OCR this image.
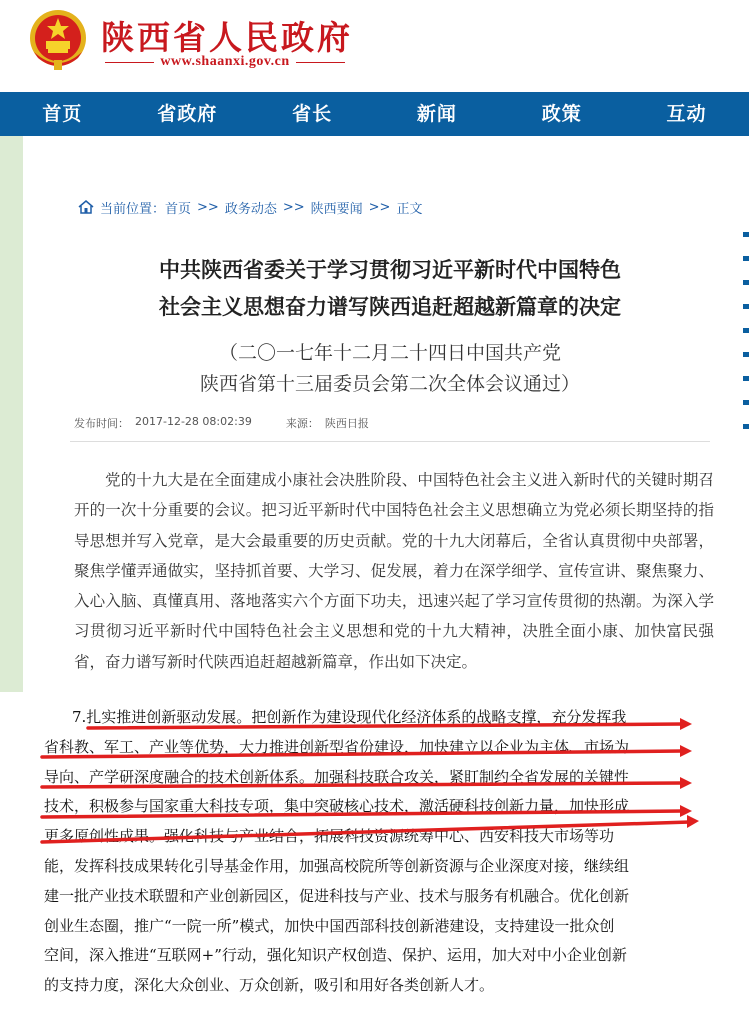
陕西省人民政府
www.shaanxi.gov.cn
首页	省政府	省长	新闻	政策	互动
当前位置： 首页 >> 政务动态 >> 陕西要闻 >> 正文
中共陕西省委关于学习贯彻习近平新时代中国特色
社会主义思想奋力谱写陕西追赶超越新篇章的决定
（二〇一七年十二月二十四日中国共产党
陕西省第十三届委员会第二次全体会议通过）
发布时间： 2017-12-28 08:02:39	来源： 陕西日报
党的十九大是在全面建成小康社会决胜阶段、中国特色社会主义进入新时代的关键时期召开的一次十分重要的会议。把习近平新时代中国特色社会主义思想确立为党必须长期坚持的指导思想并写入党章，是大会最重要的历史贡献。党的十九大闭幕后，全省认真贯彻中央部署，聚焦学懂弄通做实，坚持抓首要、大学习、促发展，着力在深学细学、宣传宣讲、聚焦聚力、入心入脑、真懂真用、落地落实六个方面下功夫，迅速兴起了学习宣传贯彻的热潮。为深入学习贯彻习近平新时代中国特色社会主义思想和党的十九大精神，决胜全面小康、加快富民强省，奋力谱写新时代陕西追赶超越新篇章，作出如下决定。
7.扎实推进创新驱动发展。把创新作为建设现代化经济体系的战略支撑，充分发挥我
省科教、军工、产业等优势，大力推进创新型省份建设，加快建立以企业为主体、市场为
导向、产学研深度融合的技术创新体系。加强科技联合攻关，紧盯制约全省发展的关键性
技术，积极参与国家重大科技专项，集中突破核心技术，激活硬科技创新力量，加快形成
更多原创性成果。强化科技与产业结合，拓展科技资源统筹中心、西安科技大市场等功
能，发挥科技成果转化引导基金作用，加强高校院所等创新资源与企业深度对接，继续组
建一批产业技术联盟和产业创新园区，促进科技与产业、技术与服务有机融合。优化创新
创业生态圈，推广“一院一所”模式，加快中国西部科技创新港建设，支持建设一批众创
空间，深入推进“互联网+”行动，强化知识产权创造、保护、运用，加大对中小企业创新
的支持力度，深化大众创业、万众创新，吸引和用好各类创新人才。
